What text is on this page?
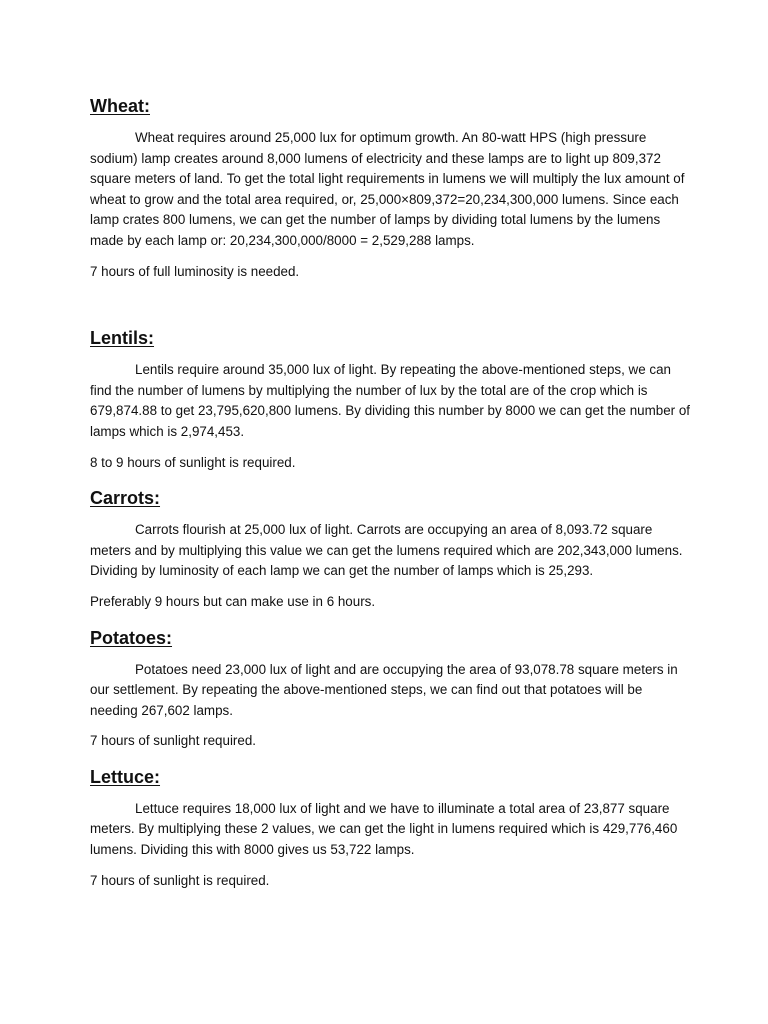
Wheat:

Wheat requires around 25,000 lux for optimum growth. An 80-watt HPS (high pressure sodium) lamp creates around 8,000 lumens of electricity and these lamps are to light up 809,372 square meters of land. To get the total light requirements in lumens we will multiply the lux amount of wheat to grow and the total area required, or, 25,000×809,372=20,234,300,000 lumens. Since each lamp crates 800 lumens, we can get the number of lamps by dividing total lumens by the lumens made by each lamp or: 20,234,300,000/8000 = 2,529,288 lamps.

7 hours of full luminosity is needed.

Lentils:

Lentils require around 35,000 lux of light. By repeating the above-mentioned steps, we can find the number of lumens by multiplying the number of lux by the total are of the crop which is 679,874.88 to get 23,795,620,800 lumens. By dividing this number by 8000 we can get the number of lamps which is 2,974,453.

8 to 9 hours of sunlight is required.

Carrots:

Carrots flourish at 25,000 lux of light. Carrots are occupying an area of 8,093.72 square meters and by multiplying this value we can get the lumens required which are 202,343,000 lumens. Dividing by luminosity of each lamp we can get the number of lamps which is 25,293.

Preferably 9 hours but can make use in 6 hours.

Potatoes:

Potatoes need 23,000 lux of light and are occupying the area of 93,078.78 square meters in our settlement. By repeating the above-mentioned steps, we can find out that potatoes will be needing 267,602 lamps.

7 hours of sunlight required.

Lettuce:

Lettuce requires 18,000 lux of light and we have to illuminate a total area of 23,877 square meters. By multiplying these 2 values, we can get the light in lumens required which is 429,776,460 lumens. Dividing this with 8000 gives us 53,722 lamps.

7 hours of sunlight is required.
